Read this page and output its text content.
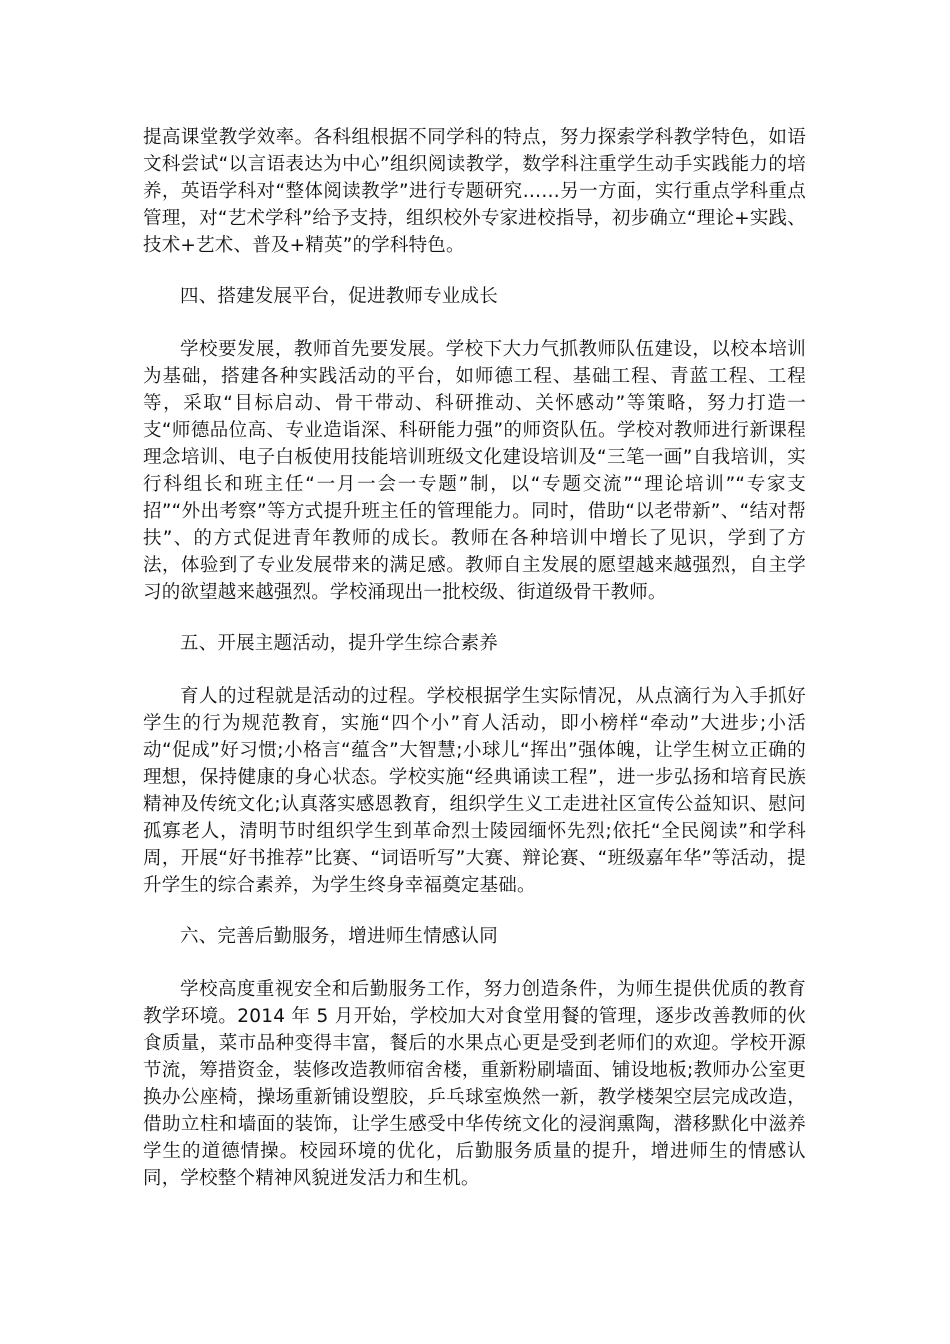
提高课堂教学效率。各科组根据不同学科的特点，努力探索学科教学特色，如语文科尝试“以言语表达为中心”组织阅读教学，数学科注重学生动手实践能力的培养，英语学科对“整体阅读教学”进行专题研究……另一方面，实行重点学科重点管理，对“艺术学科”给予支持，组织校外专家进校指导，初步确立“理论+实践、技术+艺术、普及+精英”的学科特色。

四、搭建发展平台，促进教师专业成长

学校要发展，教师首先要发展。学校下大力气抓教师队伍建设，以校本培训为基础，搭建各种实践活动的平台，如师德工程、基础工程、青蓝工程、工程等，采取“目标启动、骨干带动、科研推动、关怀感动”等策略，努力打造一支“师德品位高、专业造诣深、科研能力强”的师资队伍。学校对教师进行新课程理念培训、电子白板使用技能培训班级文化建设培训及“三笔一画”自我培训，实行科组长和班主任“一月一会一专题”制，以“专题交流”“理论培训”“专家支招”“外出考察”等方式提升班主任的管理能力。同时，借助“以老带新”、“结对帮扶”、的方式促进青年教师的成长。教师在各种培训中增长了见识，学到了方法，体验到了专业发展带来的满足感。教师自主发展的愿望越来越强烈，自主学习的欲望越来越强烈。学校涌现出一批校级、街道级骨干教师。

五、开展主题活动，提升学生综合素养

育人的过程就是活动的过程。学校根据学生实际情况，从点滴行为入手抓好学生的行为规范教育，实施“四个小”育人活动，即小榜样“牵动”大进步;小活动“促成”好习惯;小格言“蕴含”大智慧;小球儿“挥出”强体魄，让学生树立正确的理想，保持健康的身心状态。学校实施“经典诵读工程”，进一步弘扬和培育民族精神及传统文化;认真落实感恩教育，组织学生义工走进社区宣传公益知识、慰问孤寡老人，清明节时组织学生到革命烈士陵园缅怀先烈;依托“全民阅读”和学科周，开展“好书推荐”比赛、“词语听写”大赛、辩论赛、“班级嘉年华”等活动，提升学生的综合素养，为学生终身幸福奠定基础。

六、完善后勤服务，增进师生情感认同

学校高度重视安全和后勤服务工作，努力创造条件，为师生提供优质的教育教学环境。2014 年 5 月开始，学校加大对食堂用餐的管理，逐步改善教师的伙食质量，菜市品种变得丰富，餐后的水果点心更是受到老师们的欢迎。学校开源节流，筹措资金，装修改造教师宿舍楼，重新粉刷墙面、铺设地板;教师办公室更换办公座椅，操场重新铺设塑胶，乒乓球室焕然一新，教学楼架空层完成改造，借助立柱和墙面的装饰，让学生感受中华传统文化的浸润熏陶，潜移默化中滋养学生的道德情操。校园环境的优化，后勤服务质量的提升，增进师生的情感认同，学校整个精神风貌迸发活力和生机。
